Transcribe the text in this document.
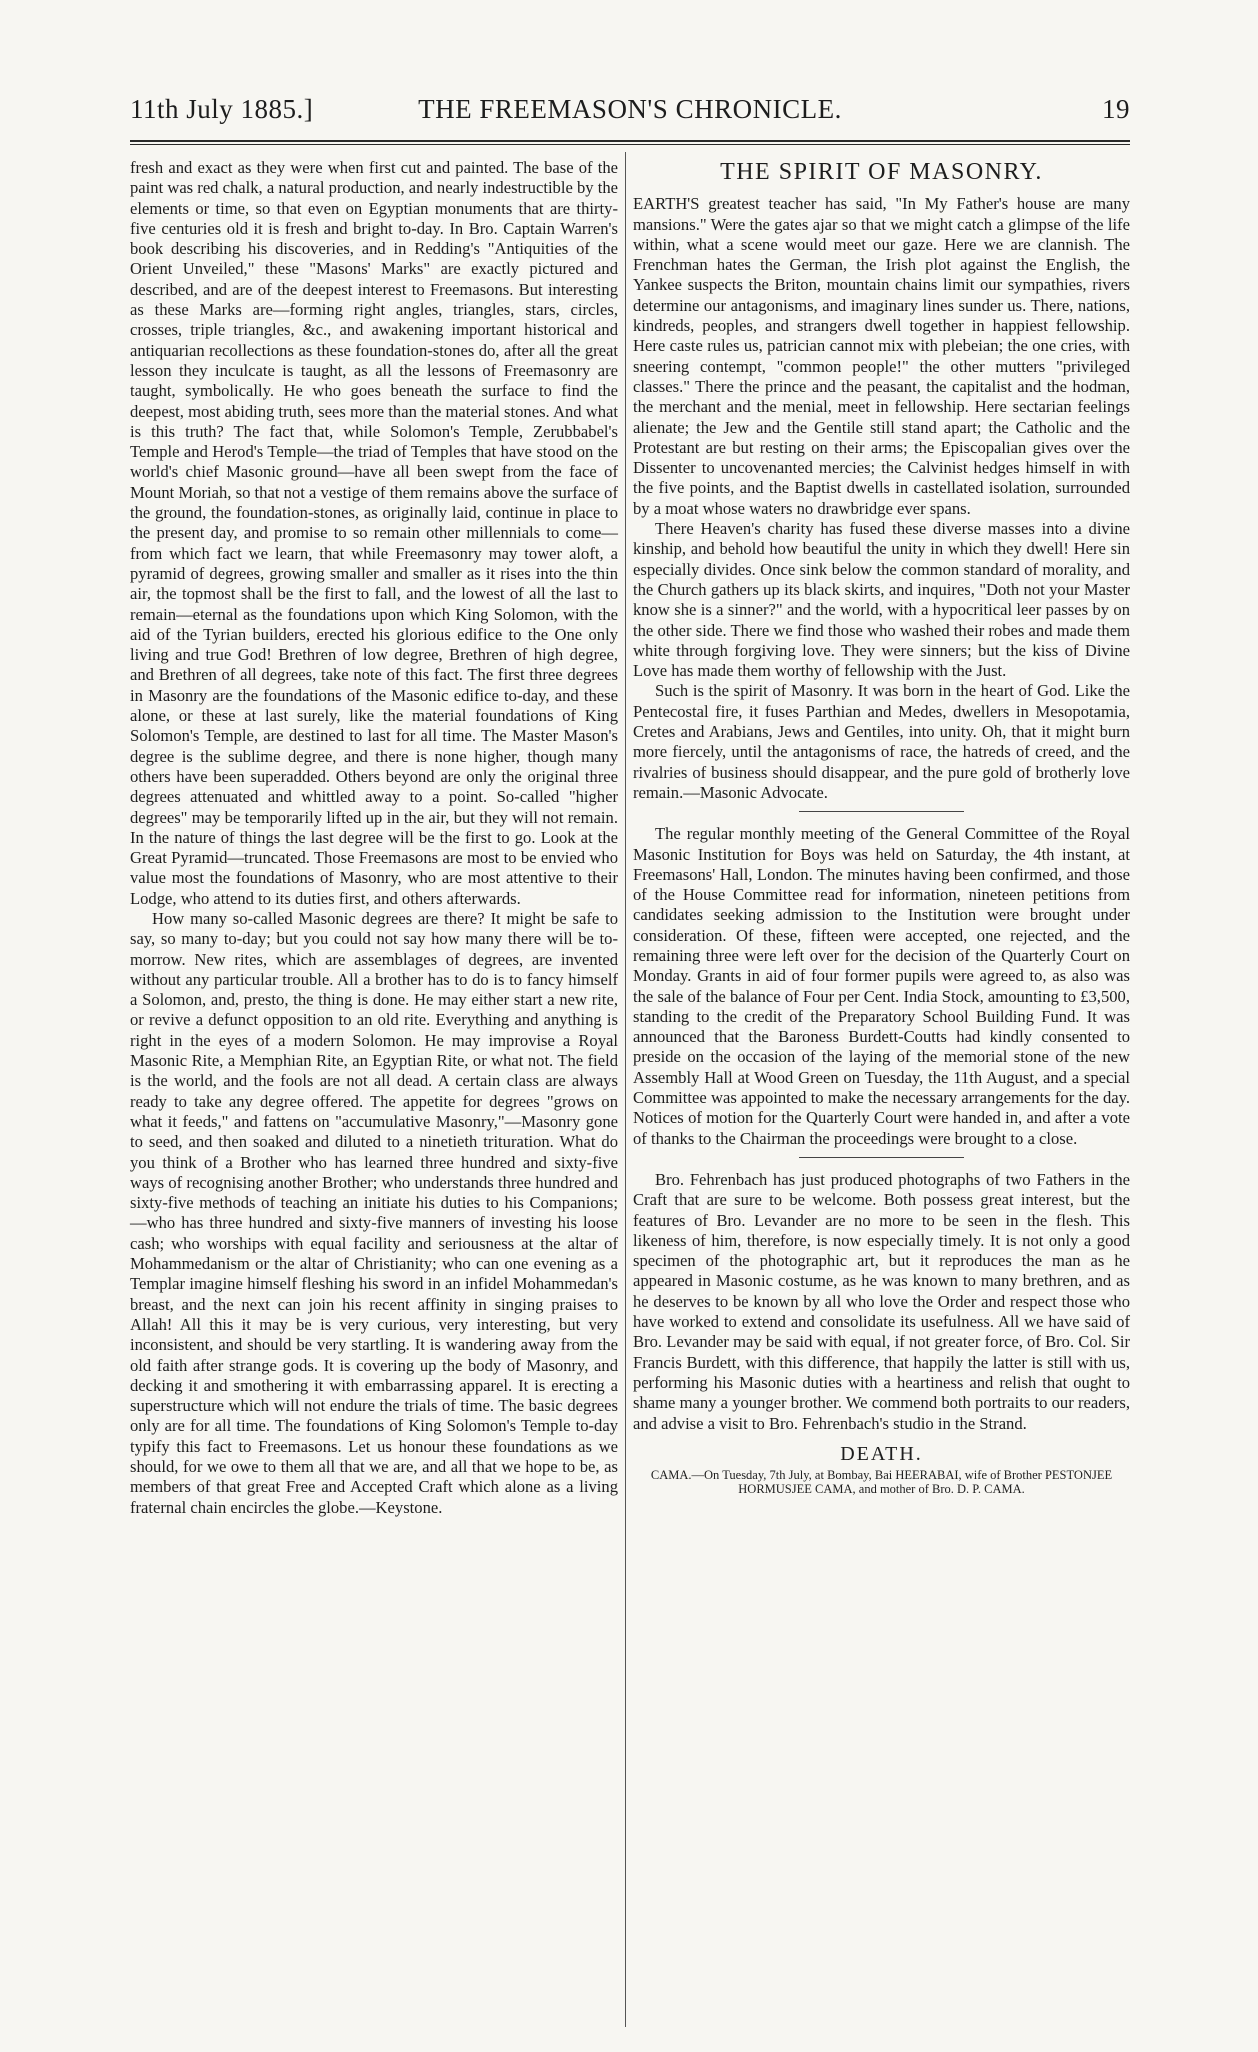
11th July 1885.]	THE FREEMASON'S CHRONICLE.	19

fresh and exact as they were when first cut and painted. The base of the paint was red chalk, a natural production, and nearly indestructible by the elements or time, so that even on Egyptian monuments that are thirty-five centuries old it is fresh and bright to-day. In Bro. Captain Warren's book describing his discoveries, and in Redding's "Antiquities of the Orient Unveiled," these "Masons' Marks" are exactly pictured and described, and are of the deepest interest to Freemasons. But interesting as these Marks are—forming right angles, triangles, stars, circles, crosses, triple triangles, &c., and awakening important historical and antiquarian recollections as these foundation-stones do, after all the great lesson they inculcate is taught, as all the lessons of Freemasonry are taught, symbolically. He who goes beneath the surface to find the deepest, most abiding truth, sees more than the material stones. And what is this truth? The fact that, while Solomon's Temple, Zerubbabel's Temple and Herod's Temple—the triad of Temples that have stood on the world's chief Masonic ground—have all been swept from the face of Mount Moriah, so that not a vestige of them remains above the surface of the ground, the foundation-stones, as originally laid, continue in place to the present day, and promise to so remain other millennials to come—from which fact we learn, that while Freemasonry may tower aloft, a pyramid of degrees, growing smaller and smaller as it rises into the thin air, the topmost shall be the first to fall, and the lowest of all the last to remain—eternal as the foundations upon which King Solomon, with the aid of the Tyrian builders, erected his glorious edifice to the One only living and true God! Brethren of low degree, Brethren of high degree, and Brethren of all degrees, take note of this fact. The first three degrees in Masonry are the foundations of the Masonic edifice to-day, and these alone, or these at last surely, like the material foundations of King Solomon's Temple, are destined to last for all time. The Master Mason's degree is the sublime degree, and there is none higher, though many others have been superadded. Others beyond are only the original three degrees attenuated and whittled away to a point. So-called "higher degrees" may be temporarily lifted up in the air, but they will not remain. In the nature of things the last degree will be the first to go. Look at the Great Pyramid—truncated. Those Freemasons are most to be envied who value most the foundations of Masonry, who are most attentive to their Lodge, who attend to its duties first, and others afterwards.

How many so-called Masonic degrees are there? It might be safe to say, so many to-day; but you could not say how many there will be to-morrow. New rites, which are assemblages of degrees, are invented without any particular trouble. All a brother has to do is to fancy himself a Solomon, and, presto, the thing is done. He may either start a new rite, or revive a defunct opposition to an old rite. Everything and anything is right in the eyes of a modern Solomon. He may improvise a Royal Masonic Rite, a Memphian Rite, an Egyptian Rite, or what not. The field is the world, and the fools are not all dead. A certain class are always ready to take any degree offered. The appetite for degrees "grows on what it feeds," and fattens on "accumulative Masonry,"—Masonry gone to seed, and then soaked and diluted to a ninetieth trituration. What do you think of a Brother who has learned three hundred and sixty-five ways of recognising another Brother; who understands three hundred and sixty-five methods of teaching an initiate his duties to his Companions;—who has three hundred and sixty-five manners of investing his loose cash; who worships with equal facility and seriousness at the altar of Mohammedanism or the altar of Christianity; who can one evening as a Templar imagine himself fleshing his sword in an infidel Mohammedan's breast, and the next can join his recent affinity in singing praises to Allah! All this it may be is very curious, very interesting, but very inconsistent, and should be very startling. It is wandering away from the old faith after strange gods. It is covering up the body of Masonry, and decking it and smothering it with embarrassing apparel. It is erecting a superstructure which will not endure the trials of time. The basic degrees only are for all time. The foundations of King Solomon's Temple to-day typify this fact to Freemasons. Let us honour these foundations as we should, for we owe to them all that we are, and all that we hope to be, as members of that great Free and Accepted Craft which alone as a living fraternal chain encircles the globe.—Keystone.

THE SPIRIT OF MASONRY.

EARTH'S greatest teacher has said, "In My Father's house are many mansions." Were the gates ajar so that we might catch a glimpse of the life within, what a scene would meet our gaze. Here we are clannish. The Frenchman hates the German, the Irish plot against the English, the Yankee suspects the Briton, mountain chains limit our sympathies, rivers determine our antagonisms, and imaginary lines sunder us. There, nations, kindreds, peoples, and strangers dwell together in happiest fellowship. Here caste rules us, patrician cannot mix with plebeian; the one cries, with sneering contempt, "common people!" the other mutters "privileged classes." There the prince and the peasant, the capitalist and the hodman, the merchant and the menial, meet in fellowship. Here sectarian feelings alienate; the Jew and the Gentile still stand apart; the Catholic and the Protestant are but resting on their arms; the Episcopalian gives over the Dissenter to uncovenanted mercies; the Calvinist hedges himself in with the five points, and the Baptist dwells in castellated isolation, surrounded by a moat whose waters no drawbridge ever spans.

There Heaven's charity has fused these diverse masses into a divine kinship, and behold how beautiful the unity in which they dwell! Here sin especially divides. Once sink below the common standard of morality, and the Church gathers up its black skirts, and inquires, "Doth not your Master know she is a sinner?" and the world, with a hypocritical leer passes by on the other side. There we find those who washed their robes and made them white through forgiving love. They were sinners; but the kiss of Divine Love has made them worthy of fellowship with the Just.

Such is the spirit of Masonry. It was born in the heart of God. Like the Pentecostal fire, it fuses Parthian and Medes, dwellers in Mesopotamia, Cretes and Arabians, Jews and Gentiles, into unity. Oh, that it might burn more fiercely, until the antagonisms of race, the hatreds of creed, and the rivalries of business should disappear, and the pure gold of brotherly love remain.—Masonic Advocate.

The regular monthly meeting of the General Committee of the Royal Masonic Institution for Boys was held on Saturday, the 4th instant, at Freemasons' Hall, London. The minutes having been confirmed, and those of the House Committee read for information, nineteen petitions from candidates seeking admission to the Institution were brought under consideration. Of these, fifteen were accepted, one rejected, and the remaining three were left over for the decision of the Quarterly Court on Monday. Grants in aid of four former pupils were agreed to, as also was the sale of the balance of Four per Cent. India Stock, amounting to £3,500, standing to the credit of the Preparatory School Building Fund. It was announced that the Baroness Burdett-Coutts had kindly consented to preside on the occasion of the laying of the memorial stone of the new Assembly Hall at Wood Green on Tuesday, the 11th August, and a special Committee was appointed to make the necessary arrangements for the day. Notices of motion for the Quarterly Court were handed in, and after a vote of thanks to the Chairman the proceedings were brought to a close.

Bro. Fehrenbach has just produced photographs of two Fathers in the Craft that are sure to be welcome. Both possess great interest, but the features of Bro. Levander are no more to be seen in the flesh. This likeness of him, therefore, is now especially timely. It is not only a good specimen of the photographic art, but it reproduces the man as he appeared in Masonic costume, as he was known to many brethren, and as he deserves to be known by all who love the Order and respect those who have worked to extend and consolidate its usefulness. All we have said of Bro. Levander may be said with equal, if not greater force, of Bro. Col. Sir Francis Burdett, with this difference, that happily the latter is still with us, performing his Masonic duties with a heartiness and relish that ought to shame many a younger brother. We commend both portraits to our readers, and advise a visit to Bro. Fehrenbach's studio in the Strand.

DEATH.

CAMA.—On Tuesday, 7th July, at Bombay, Bai HEERABAI, wife of Brother PESTONJEE HORMUSJEE CAMA, and mother of Bro. D. P. CAMA.
